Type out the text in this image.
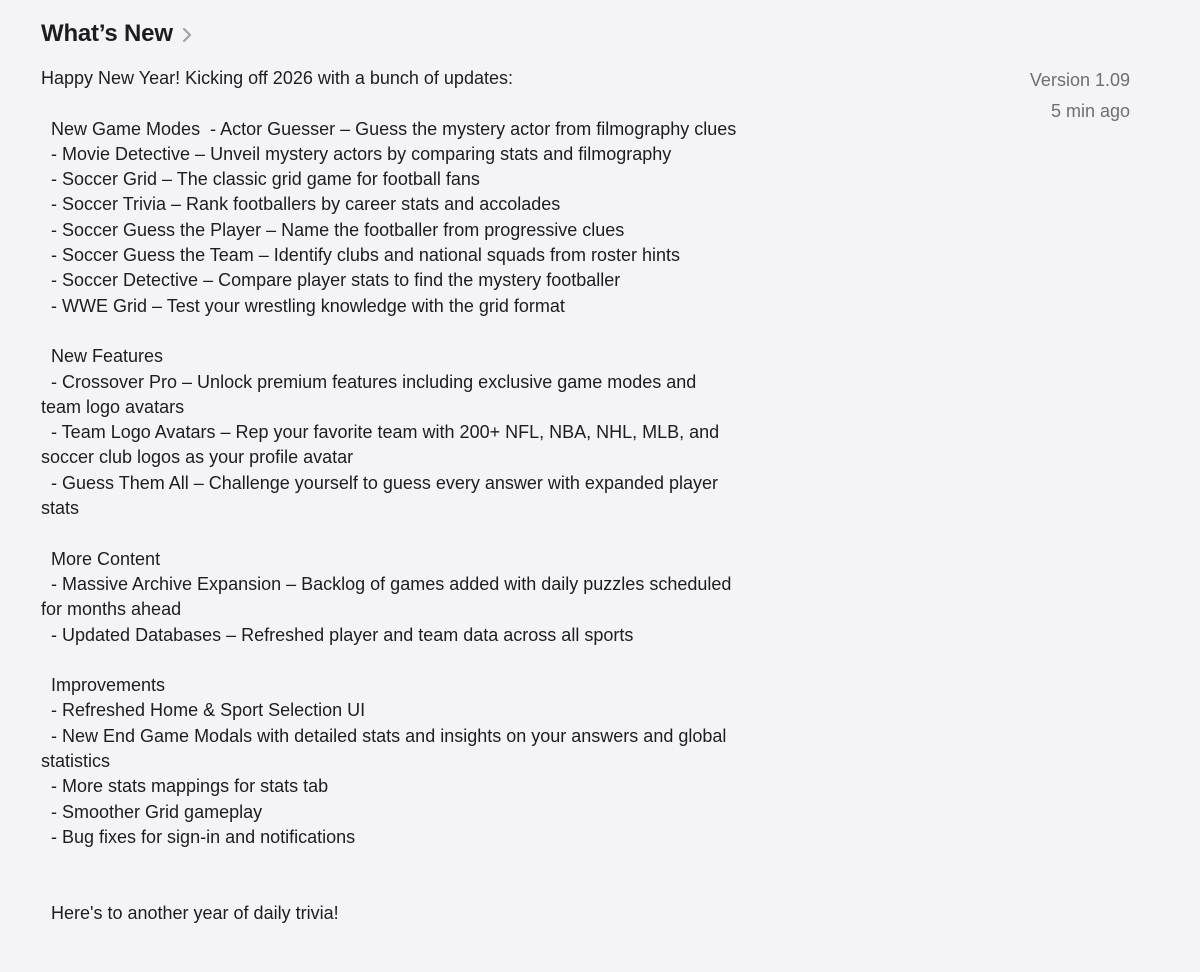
What’s New
Happy New Year! Kicking off 2026 with a bunch of updates:

New Game Modes  - Actor Guesser – Guess the mystery actor from filmography clues
- Movie Detective – Unveil mystery actors by comparing stats and filmography
- Soccer Grid – The classic grid game for football fans
- Soccer Trivia – Rank footballers by career stats and accolades
- Soccer Guess the Player – Name the footballer from progressive clues
- Soccer Guess the Team – Identify clubs and national squads from roster hints
- Soccer Detective – Compare player stats to find the mystery footballer
- WWE Grid – Test your wrestling knowledge with the grid format

New Features
- Crossover Pro – Unlock premium features including exclusive game modes and team logo avatars
- Team Logo Avatars – Rep your favorite team with 200+ NFL, NBA, NHL, MLB, and soccer club logos as your profile avatar
- Guess Them All – Challenge yourself to guess every answer with expanded player stats

More Content
- Massive Archive Expansion – Backlog of games added with daily puzzles scheduled for months ahead
- Updated Databases – Refreshed player and team data across all sports

Improvements
- Refreshed Home & Sport Selection UI
- New End Game Modals with detailed stats and insights on your answers and global statistics
- More stats mappings for stats tab
- Smoother Grid gameplay
- Bug fixes for sign-in and notifications

Here's to another year of daily trivia!
Version 1.09
5 min ago
